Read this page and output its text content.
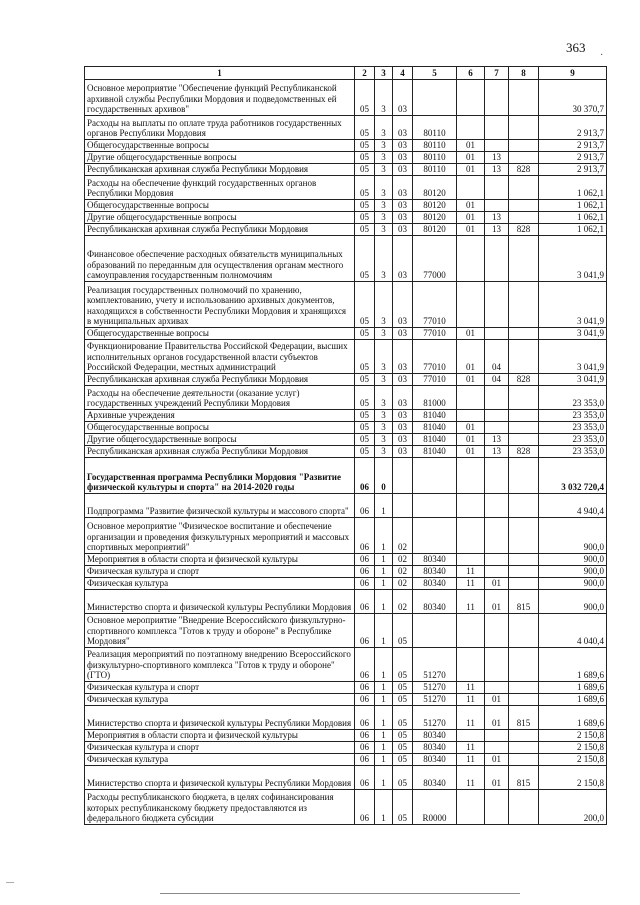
363
·
1	2	3	4	5	6	7	8	9
Основное мероприятие "Обеспечение функций Республиканской архивной службы Республики Мордовия и подведомственных ей государственных архивов"	05	3	03					30 370,7
Расходы на выплаты по оплате труда работников государственных органов Республики Мордовия	05	3	03	80110				2 913,7
Общегосударственные вопросы	05	3	03	80110	01			2 913,7
Другие общегосударственные вопросы	05	3	03	80110	01	13		2 913,7
Республиканская архивная служба Республики Мордовия	05	3	03	80110	01	13	828	2 913,7
Расходы на обеспечение функций государственных органов Республики Мордовия	05	3	03	80120				1 062,1
Общегосударственные вопросы	05	3	03	80120	01			1 062,1
Другие общегосударственные вопросы	05	3	03	80120	01	13		1 062,1
Республиканская архивная служба Республики Мордовия	05	3	03	80120	01	13	828	1 062,1
Финансовое обеспечение расходных обязательств муниципальных образований по переданным для осуществления органам местного самоуправления государственным полномочиям	05	3	03	77000				3 041,9
Реализация государственных полномочий по хранению, комплектованию, учету и использованию архивных документов, находящихся в собственности Республики Мордовия и хранящихся в муниципальных архивах	05	3	03	77010				3 041,9
Общегосударственные вопросы	05	3	03	77010	01			3 041,9
Функционирование Правительства Российской Федерации, высших исполнительных органов государственной власти субъектов Российской Федерации, местных администраций	05	3	03	77010	01	04		3 041,9
Республиканская архивная служба Республики Мордовия	05	3	03	77010	01	04	828	3 041,9
Расходы на обеспечение деятельности (оказание услуг) государственных учреждений Республики Мордовия	05	3	03	81000				23 353,0
Архивные учреждения	05	3	03	81040				23 353,0
Общегосударственные вопросы	05	3	03	81040	01			23 353,0
Другие общегосударственные вопросы	05	3	03	81040	01	13		23 353,0
Республиканская архивная служба Республики Мордовия	05	3	03	81040	01	13	828	23 353,0
Государственная программа Республики Мордовия "Развитие физической культуры и спорта" на 2014-2020 годы	06	0						3 032 720,4
Подпрограмма "Развитие физической культуры и массового спорта"	06	1						4 940,4
Основное мероприятие "Физическое воспитание и обеспечение организации и проведения физкультурных мероприятий и массовых спортивных мероприятий"	06	1	02					900,0
Мероприятия в области спорта и физической культуры	06	1	02	80340				900,0
Физическая культура и спорт	06	1	02	80340	11			900,0
Физическая культура	06	1	02	80340	11	01		900,0
Министерство спорта и физической культуры Республики Мордовия	06	1	02	80340	11	01	815	900,0
Основное мероприятие "Внедрение Всероссийского физкультурно-спортивного комплекса "Готов к труду и обороне" в Республике Мордовия"	06	1	05					4 040,4
Реализация мероприятий по поэтапному внедрению Всероссийского физкультурно-спортивного комплекса "Готов к труду и обороне" (ГТО)	06	1	05	51270				1 689,6
Физическая культура и спорт	06	1	05	51270	11			1 689,6
Физическая культура	06	1	05	51270	11	01		1 689,6
Министерство спорта и физической культуры Республики Мордовия	06	1	05	51270	11	01	815	1 689,6
Мероприятия в области спорта и физической культуры	06	1	05	80340				2 150,8
Физическая культура и спорт	06	1	05	80340	11			2 150,8
Физическая культура	06	1	05	80340	11	01		2 150,8
Министерство спорта и физической культуры Республики Мордовия	06	1	05	80340	11	01	815	2 150,8
Расходы республиканского бюджета, в целях софинансирования которых республиканскому бюджету предоставляются из федерального бюджета субсидии	06	1	05	R0000				200,0
